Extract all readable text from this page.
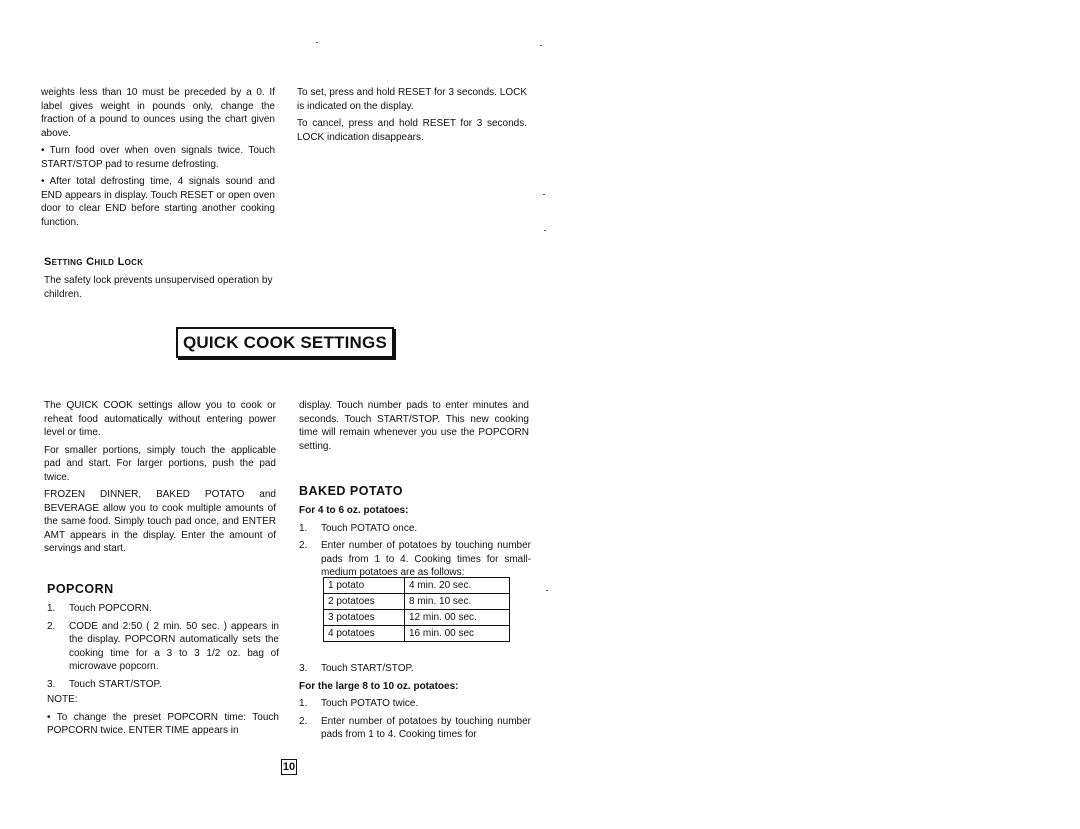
weights less than 10 must be preceded by a 0. If label gives weight in pounds only, change the fraction of a pound to ounces using the chart given above.

• Turn food over when oven signals twice. Touch START/STOP pad to resume defrosting.

• After total defrosting time, 4 signals sound and END appears in display. Touch RESET or open oven door to clear END before starting another cooking function.

To set, press and hold RESET for 3 seconds. LOCK is indicated on the display.

To cancel, press and hold RESET for 3 seconds. LOCK indication disappears.

Setting Child Lock
The safety lock prevents unsupervised operation by children.
QUICK COOK SETTINGS

The QUICK COOK settings allow you to cook or reheat food automatically without entering power level or time.

For smaller portions, simply touch the applicable pad and start. For larger portions, push the pad twice.

FROZEN DINNER, BAKED POTATO and BEVERAGE allow you to cook multiple amounts of the same food. Simply touch pad once, and ENTER AMT appears in the display. Enter the amount of servings and start.

POPCORN
1. Touch POPCORN.
2. CODE and 2:50 ( 2 min. 50 sec. ) appears in the display. POPCORN automatically sets the cooking time for a 3 to 3 1/2 oz. bag of microwave popcorn.
3. Touch START/STOP.

NOTE:

• To change the preset POPCORN time: Touch POPCORN twice. ENTER TIME appears in

display. Touch number pads to enter minutes and seconds. Touch START/STOP. This new cooking time will remain whenever you use the POPCORN setting.
BAKED POTATO

For 4 to 6 oz. potatoes:

1. Touch POTATO once.
2. Enter number of potatoes by touching number pads from 1 to 4. Cooking times for small-medium potatoes are as follows:
1 potato	4 min. 20 sec.
2 potatoes	8 min. 10 sec.
3 potatoes	12 min. 00 sec.
4 potatoes	16 min. 00 sec
3. Touch START/STOP.

For the large 8 to 10 oz. potatoes:

1. Touch POTATO twice.
2. Enter number of potatoes by touching number pads from 1 to 4. Cooking times for
10
